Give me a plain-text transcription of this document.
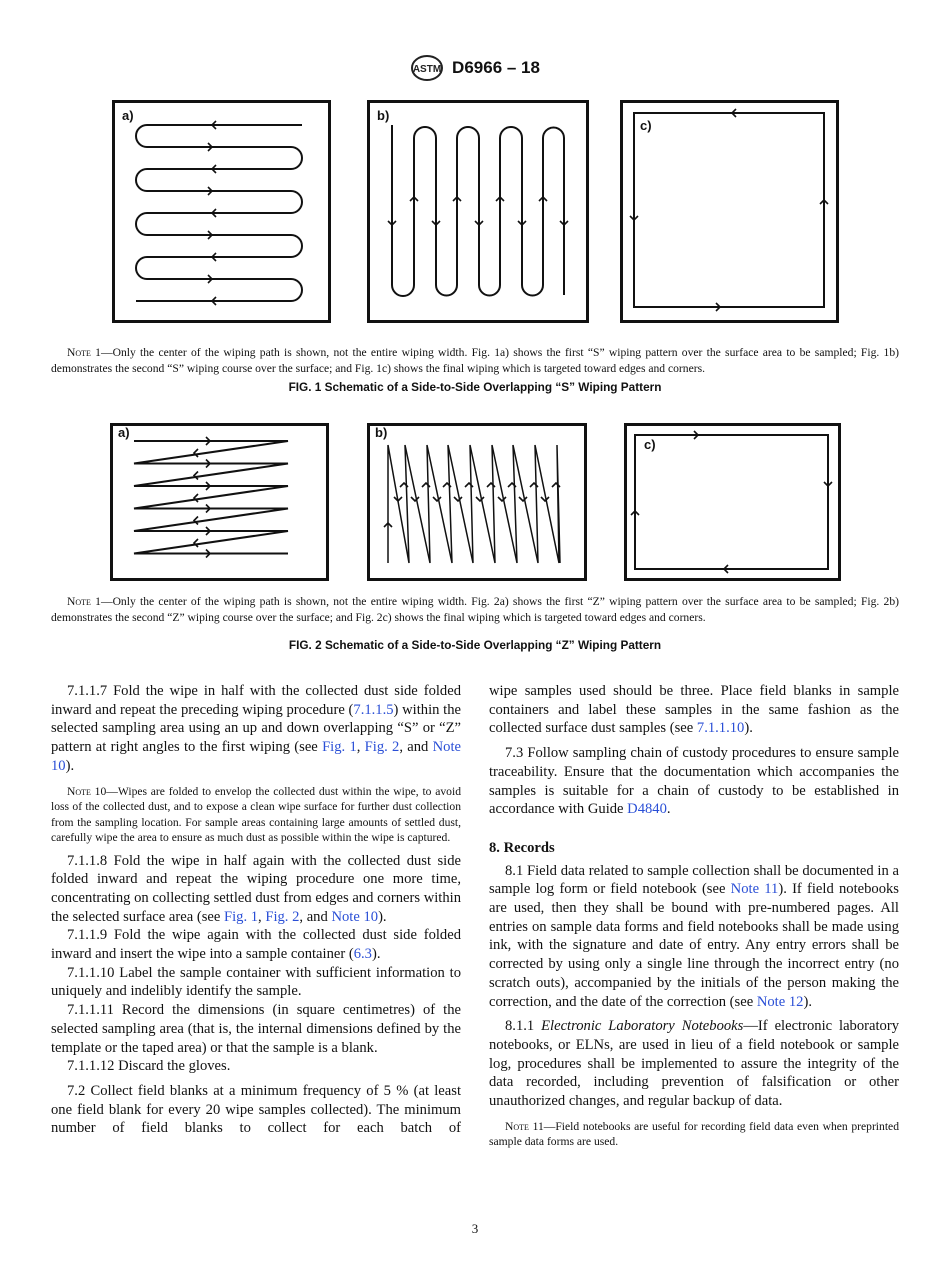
ASTM D6966 – 18
a)	b)
c)
Note 1—Only the center of the wiping path is shown, not the entire wiping width. Fig. 1a) shows the first “S” wiping pattern over the surface area to be sampled; Fig. 1b) demonstrates the second “S” wiping course over the surface; and Fig. 1c) shows the final wiping which is targeted toward edges and corners.
FIG. 1 Schematic of a Side-to-Side Overlapping “S” Wiping Pattern
a)	b)
c)
Note 1—Only the center of the wiping path is shown, not the entire wiping width. Fig. 2a) shows the first “Z” wiping pattern over the surface area to be sampled; Fig. 2b) demonstrates the second “Z” wiping course over the surface; and Fig. 2c) shows the final wiping which is targeted toward edges and corners.
FIG. 2 Schematic of a Side-to-Side Overlapping “Z” Wiping Pattern

7.1.1.7 Fold the wipe in half with the collected dust side folded inward and repeat the preceding wiping procedure (7.1.1.5) within the selected sampling area using an up and down overlapping “S” or “Z” pattern at right angles to the first wiping (see Fig. 1, Fig. 2, and Note 10).

Note 10—Wipes are folded to envelop the collected dust within the wipe, to avoid loss of the collected dust, and to expose a clean wipe surface for further dust collection from the sampling location. For sample areas containing large amounts of settled dust, carefully wipe the area to ensure as much dust as possible within the wipe is captured.

7.1.1.8 Fold the wipe in half again with the collected dust side folded inward and repeat the wiping procedure one more time, concentrating on collecting settled dust from edges and corners within the selected surface area (see Fig. 1, Fig. 2, and Note 10).

7.1.1.9 Fold the wipe again with the collected dust side folded inward and insert the wipe into a sample container (6.3).

7.1.1.10 Label the sample container with sufficient information to uniquely and indelibly identify the sample.

7.1.1.11 Record the dimensions (in square centimetres) of the selected sampling area (that is, the internal dimensions defined by the template or the taped area) or that the sample is a blank.

7.1.1.12 Discard the gloves.

7.2 Collect field blanks at a minimum frequency of 5 % (at least one field blank for every 20 wipe samples collected). The minimum number of field blanks to collect for each batch of

wipe samples used should be three. Place field blanks in sample containers and label these samples in the same fashion as the collected surface dust samples (see 7.1.1.10).

7.3 Follow sampling chain of custody procedures to ensure sample traceability. Ensure that the documentation which accompanies the samples is suitable for a chain of custody to be established in accordance with Guide D4840.

8. Records

8.1 Field data related to sample collection shall be documented in a sample log form or field notebook (see Note 11). If field notebooks are used, then they shall be bound with pre-numbered pages. All entries on sample data forms and field notebooks shall be made using ink, with the signature and date of entry. Any entry errors shall be corrected by using only a single line through the incorrect entry (no scratch outs), accompanied by the initials of the person making the correction, and the date of the correction (see Note 12).

8.1.1 Electronic Laboratory Notebooks—If electronic laboratory notebooks, or ELNs, are used in lieu of a field notebook or sample log, procedures shall be implemented to assure the integrity of the data recorded, including prevention of falsification or other unauthorized changes, and regular backup of data.

Note 11—Field notebooks are useful for recording field data even when preprinted sample data forms are used.

3
